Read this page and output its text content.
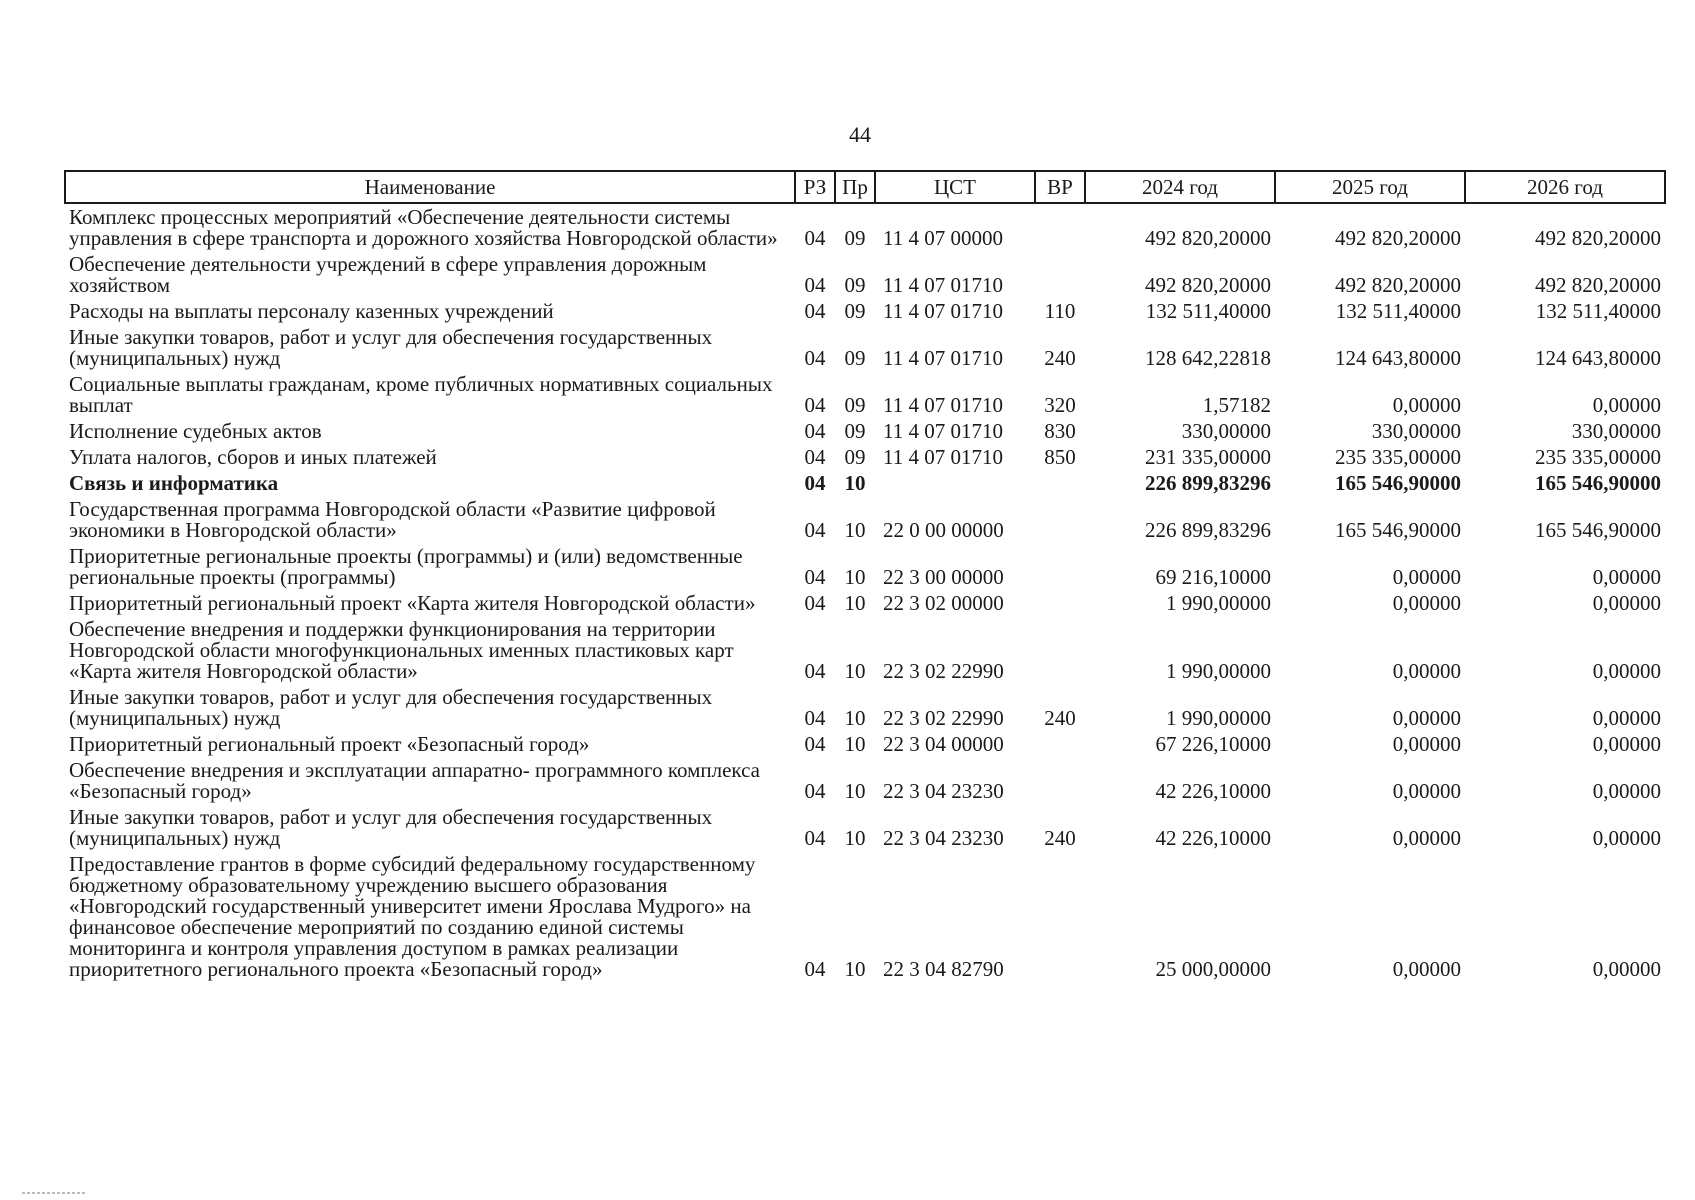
44
Наименование	РЗ	Пр	ЦСТ	ВР	2024 год	2025 год	2026 год
Комплекс процессных мероприятий «Обеспечение деятельности системы управления в сфере транспорта и дорожного хозяйства Новгородской области»	04	09	11 4 07 00000		492 820,20000	492 820,20000	492 820,20000
Обеспечение деятельности учреждений в сфере управления дорожным хозяйством	04	09	11 4 07 01710		492 820,20000	492 820,20000	492 820,20000
Расходы на выплаты персоналу казенных учреждений	04	09	11 4 07 01710	110	132 511,40000	132 511,40000	132 511,40000
Иные закупки товаров, работ и услуг для обеспечения государственных (муниципальных) нужд	04	09	11 4 07 01710	240	128 642,22818	124 643,80000	124 643,80000
Социальные выплаты гражданам, кроме публичных нормативных социальных выплат	04	09	11 4 07 01710	320	1,57182	0,00000	0,00000
Исполнение судебных актов	04	09	11 4 07 01710	830	330,00000	330,00000	330,00000
Уплата налогов, сборов и иных платежей	04	09	11 4 07 01710	850	231 335,00000	235 335,00000	235 335,00000
Связь и информатика	04	10			226 899,83296	165 546,90000	165 546,90000
Государственная программа Новгородской области «Развитие цифровой экономики в Новгородской области»	04	10	22 0 00 00000		226 899,83296	165 546,90000	165 546,90000
Приоритетные региональные проекты (программы) и (или) ведомственные региональные проекты (программы)	04	10	22 3 00 00000		69 216,10000	0,00000	0,00000
Приоритетный региональный проект «Карта жителя Новгородской области»	04	10	22 3 02 00000		1 990,00000	0,00000	0,00000
Обеспечение внедрения и поддержки функционирования на территории Новгородской области многофункциональных именных пластиковых карт «Карта жителя Новгородской области»	04	10	22 3 02 22990		1 990,00000	0,00000	0,00000
Иные закупки товаров, работ и услуг для обеспечения государственных (муниципальных) нужд	04	10	22 3 02 22990	240	1 990,00000	0,00000	0,00000
Приоритетный региональный проект «Безопасный город»	04	10	22 3 04 00000		67 226,10000	0,00000	0,00000
Обеспечение внедрения и эксплуатации аппаратно- программного комплекса «Безопасный город»	04	10	22 3 04 23230		42 226,10000	0,00000	0,00000
Иные закупки товаров, работ и услуг для обеспечения государственных (муниципальных) нужд	04	10	22 3 04 23230	240	42 226,10000	0,00000	0,00000
Предоставление грантов в форме субсидий федеральному государственному бюджетному образовательному учреждению высшего образования «Новгородский государственный университет имени Ярослава Мудрого» на финансовое обеспечение мероприятий по созданию единой системы мониторинга и контроля управления доступом в рамках реализации приоритетного регионального проекта «Безопасный город»	04	10	22 3 04 82790		25 000,00000	0,00000	0,00000
